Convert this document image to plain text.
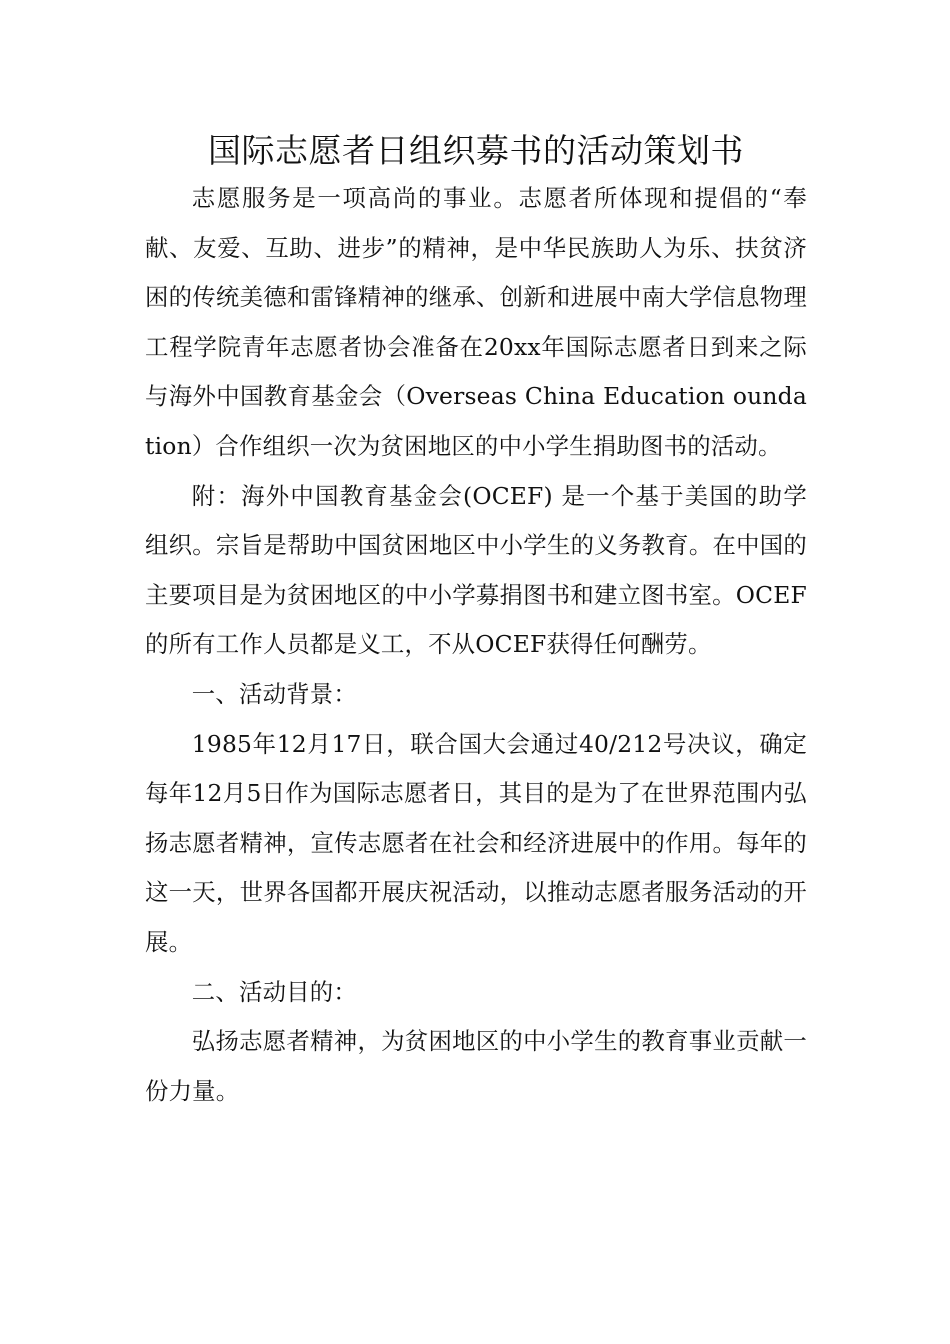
国际志愿者日组织募书的活动策划书

志愿服务是一项高尚的事业。志愿者所体现和提倡的“奉献、友爱、互助、进步”的精神，是中华民族助人为乐、扶贫济困的传统美德和雷锋精神的继承、创新和进展中南大学信息物理工程学院青年志愿者协会准备在20xx年国际志愿者日到来之际与海外中国教育基金会（Overseas China Education oundation）合作组织一次为贫困地区的中小学生捐助图书的活动。

附：海外中国教育基金会(OCEF) 是一个基于美国的助学组织。宗旨是帮助中国贫困地区中小学生的义务教育。在中国的主要项目是为贫困地区的中小学募捐图书和建立图书室。OCEF的所有工作人员都是义工，不从OCEF获得任何酬劳。

一、活动背景：

1985年12月17日，联合国大会通过40/212号决议，确定每年12月5日作为国际志愿者日，其目的是为了在世界范围内弘扬志愿者精神，宣传志愿者在社会和经济进展中的作用。每年的这一天，世界各国都开展庆祝活动，以推动志愿者服务活动的开展。

二、活动目的：

弘扬志愿者精神，为贫困地区的中小学生的教育事业贡献一份力量。
